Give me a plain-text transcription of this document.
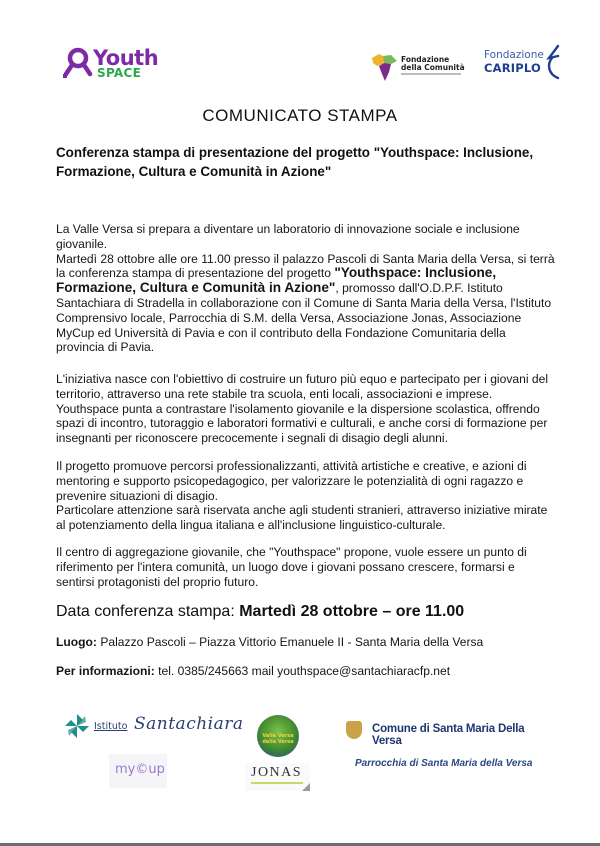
Youth
SPACE
Fondazione
della Comunità
Fondazione
CARIPLO
COMUNICATO STAMPA
Conferenza stampa di presentazione del progetto "Youthspace: Inclusione, Formazione, Cultura e Comunità in Azione"
La Valle Versa si prepara a diventare un laboratorio di innovazione sociale e inclusione giovanile.
Martedì 28 ottobre alle ore 11.00 presso il palazzo Pascoli di Santa Maria della Versa, si terrà la conferenza stampa di presentazione del progetto "Youthspace: Inclusione, Formazione, Cultura e Comunità in Azione", promosso dall'O.D.P.F. Istituto Santachiara di Stradella in collaborazione con il Comune di Santa Maria della Versa, l'Istituto Comprensivo locale, Parrocchia di S.M. della Versa, Associazione Jonas, Associazione MyCup ed Università di Pavia e con il contributo della Fondazione Comunitaria della provincia di Pavia.
L'iniziativa nasce con l'obiettivo di costruire un futuro più equo e partecipato per i giovani del territorio, attraverso una rete stabile tra scuola, enti locali, associazioni e imprese. Youthspace punta a contrastare l'isolamento giovanile e la dispersione scolastica, offrendo spazi di incontro, tutoraggio e laboratori formativi e culturali, e anche corsi di formazione per insegnanti per riconoscere precocemente i segnali di disagio degli alunni.
Il progetto promuove percorsi professionalizzanti, attività artistiche e creative, e azioni di mentoring e supporto psicopedagogico, per valorizzare le potenzialità di ogni ragazzo e prevenire situazioni di disagio.
Particolare attenzione sarà riservata anche agli studenti stranieri, attraverso iniziative mirate al potenziamento della lingua italiana e all'inclusione linguistico-culturale.
Il centro di aggregazione giovanile, che "Youthspace" propone, vuole essere un punto di riferimento per l'intera comunità, un luogo dove i giovani possano crescere, formarsi e sentirsi protagonisti del proprio futuro.
Data conferenza stampa: Martedì 28 ottobre – ore 11.00
Luogo: Palazzo Pascoli – Piazza Vittorio Emanuele II - Santa Maria della Versa
Per informazioni: tel. 0385/245663 mail youthspace@santachiaracfp.net
Istituto Santachiara
my©up
Valle Versa della Versa
JONAS
Comune di Santa Maria Della Versa
Parrocchia di Santa Maria della Versa
